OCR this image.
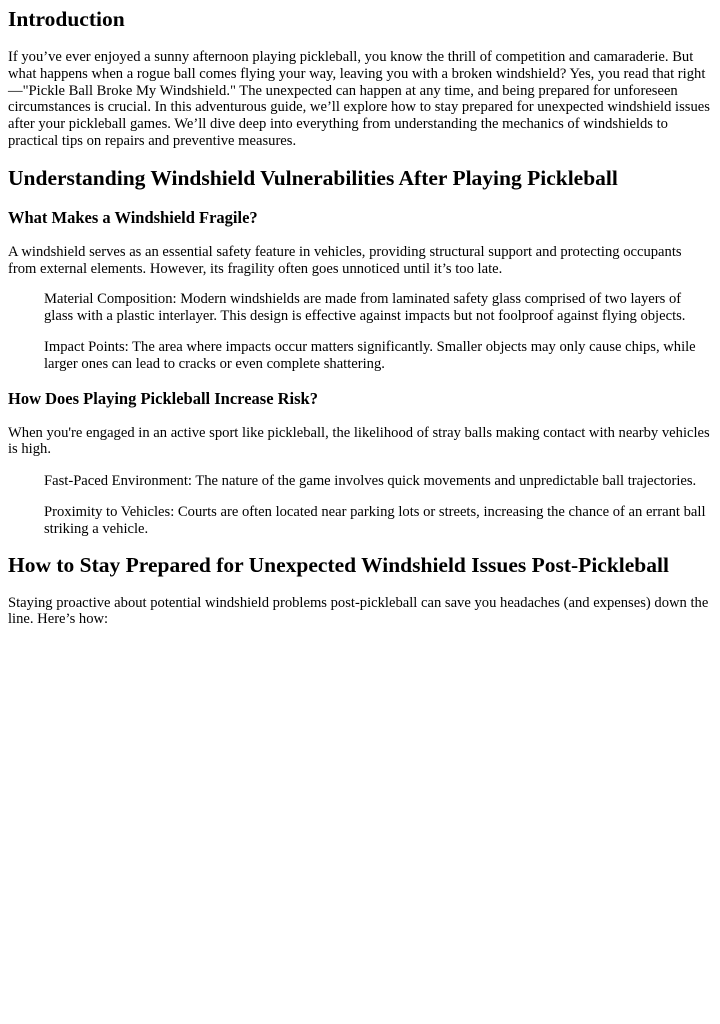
Introduction

If you’ve ever enjoyed a sunny afternoon playing pickleball, you know the thrill of competition and camaraderie. But what happens when a rogue ball comes flying your way, leaving you with a broken windshield? Yes, you read that right—"Pickle Ball Broke My Windshield." The unexpected can happen at any time, and being prepared for unforeseen circumstances is crucial. In this adventurous guide, we’ll explore how to stay prepared for unexpected windshield issues after your pickleball games. We’ll dive deep into everything from understanding the mechanics of windshields to practical tips on repairs and preventive measures.

Understanding Windshield Vulnerabilities After Playing Pickleball
What Makes a Windshield Fragile?

A windshield serves as an essential safety feature in vehicles, providing structural support and protecting occupants from external elements. However, its fragility often goes unnoticed until it’s too late.

Material Composition: Modern windshields are made from laminated safety glass comprised of two layers of glass with a plastic interlayer. This design is effective against impacts but not foolproof against flying objects.
Impact Points: The area where impacts occur matters significantly. Smaller objects may only cause chips, while larger ones can lead to cracks or even complete shattering.
How Does Playing Pickleball Increase Risk?

When you're engaged in an active sport like pickleball, the likelihood of stray balls making contact with nearby vehicles is high.

Fast-Paced Environment: The nature of the game involves quick movements and unpredictable ball trajectories.
Proximity to Vehicles: Courts are often located near parking lots or streets, increasing the chance of an errant ball striking a vehicle.
How to Stay Prepared for Unexpected Windshield Issues Post-Pickleball

Staying proactive about potential windshield problems post-pickleball can save you headaches (and expenses) down the line. Here’s how:
